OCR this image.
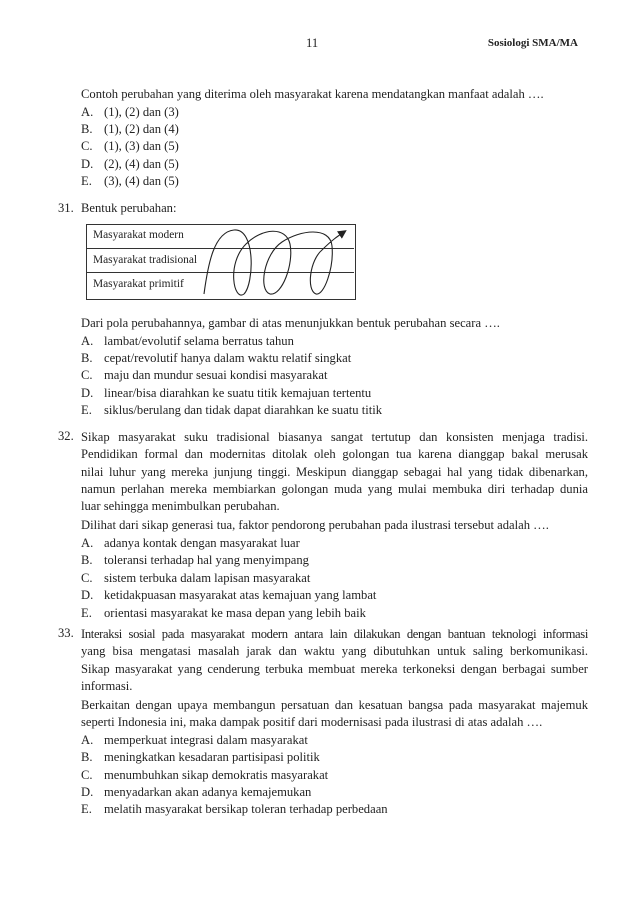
11	Sosiologi SMA/MA
Contoh perubahan yang diterima oleh masyarakat karena mendatangkan manfaat adalah ….
A. (1), (2) dan (3)
B. (1), (2) dan (4)
C. (1), (3) dan (5)
D. (2), (4) dan (5)
E. (3), (4) dan (5)
31. Bentuk perubahan:
Masyarakat modern
Masyarakat tradisional
Masyarakat primitif
Dari pola perubahannya, gambar di atas menunjukkan bentuk perubahan secara ….
A. lambat/evolutif selama berratus tahun
B. cepat/revolutif hanya dalam waktu relatif singkat
C. maju dan mundur sesuai kondisi masyarakat
D. linear/bisa diarahkan ke suatu titik kemajuan tertentu
E. siklus/berulang dan tidak dapat diarahkan ke suatu titik
32. Sikap masyarakat suku tradisional biasanya sangat tertutup dan konsisten menjaga tradisi.
Pendidikan formal dan modernitas ditolak oleh golongan tua karena dianggap bakal merusak
nilai luhur yang mereka junjung tinggi. Meskipun dianggap sebagai hal yang tidak dibenarkan,
namun perlahan mereka membiarkan golongan muda yang mulai membuka diri terhadap dunia
luar sehingga menimbulkan perubahan.
Dilihat dari sikap generasi tua, faktor pendorong perubahan pada ilustrasi tersebut adalah ….
A. adanya kontak dengan masyarakat luar
B. toleransi terhadap hal yang menyimpang
C. sistem terbuka dalam lapisan masyarakat
D. ketidakpuasan masyarakat atas kemajuan yang lambat
E. orientasi masyarakat ke masa depan yang lebih baik
33. Interaksi sosial pada masyarakat modern antara lain dilakukan dengan bantuan teknologi informasi
yang bisa mengatasi masalah jarak dan waktu yang dibutuhkan untuk saling berkomunikasi.
Sikap masyarakat yang cenderung terbuka membuat mereka terkoneksi dengan berbagai sumber
informasi.
Berkaitan dengan upaya membangun persatuan dan kesatuan bangsa pada masyarakat majemuk
seperti Indonesia ini, maka dampak positif dari modernisasi pada ilustrasi di atas adalah ….
A. memperkuat integrasi dalam masyarakat
B. meningkatkan kesadaran partisipasi politik
C. menumbuhkan sikap demokratis masyarakat
D. menyadarkan akan adanya kemajemukan
E. melatih masyarakat bersikap toleran terhadap perbedaan
